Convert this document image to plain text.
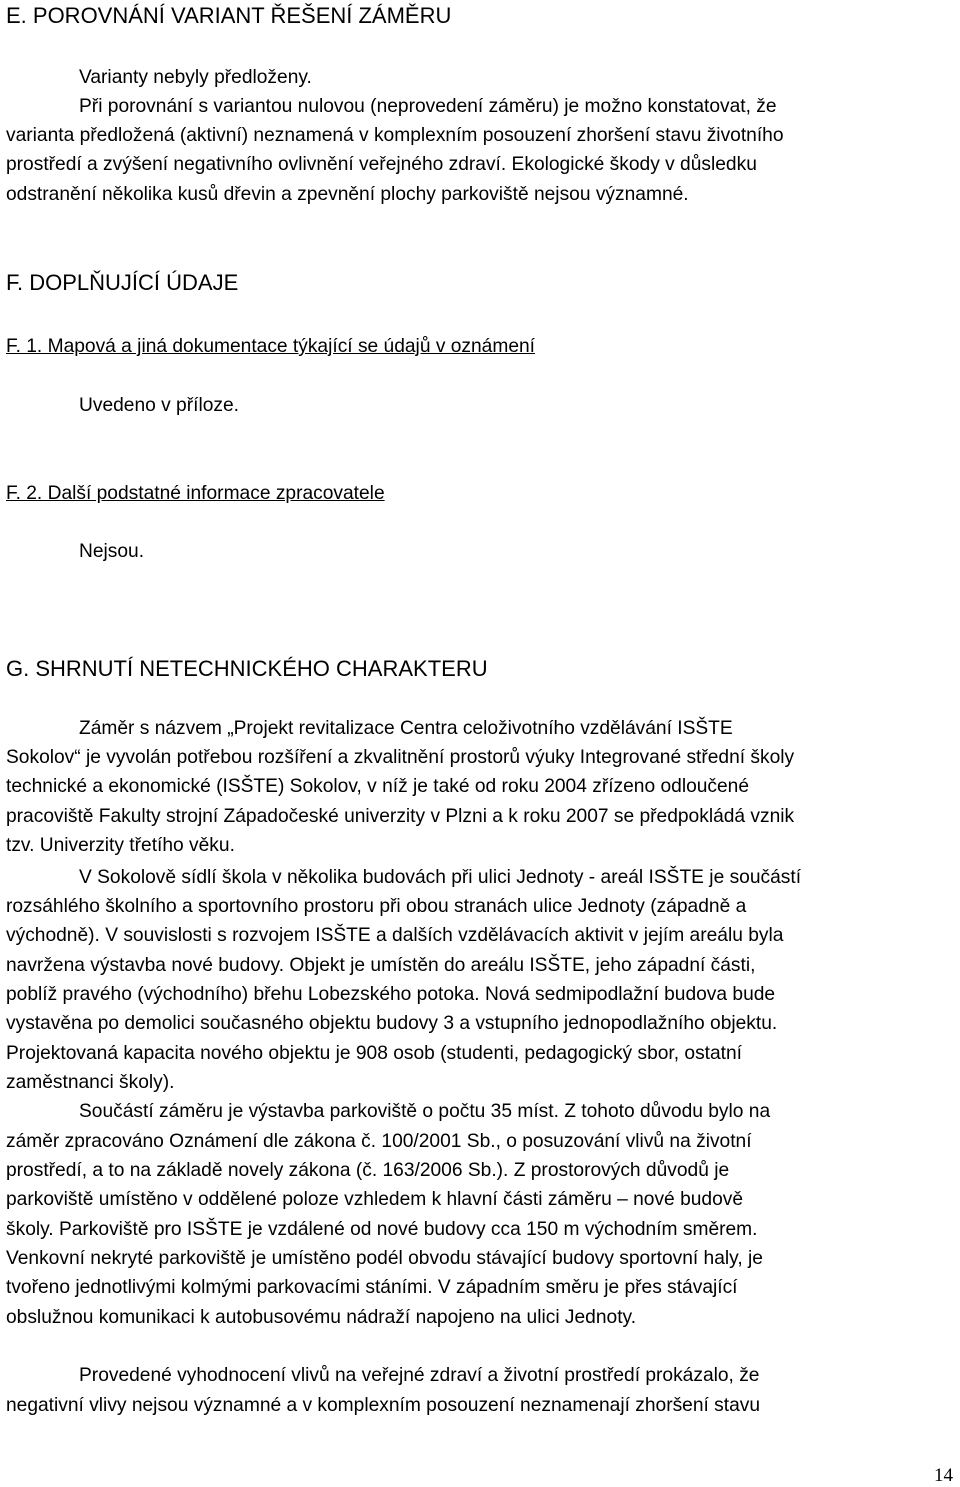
E. POROVNÁNÍ VARIANT ŘEŠENÍ ZÁMĚRU
Varianty nebyly předloženy.
Při porovnání s variantou nulovou (neprovedení záměru) je možno konstatovat, že
varianta předložená (aktivní) neznamená v komplexním posouzení zhoršení stavu životního
prostředí a zvýšení negativního ovlivnění veřejného zdraví. Ekologické škody v důsledku
odstranění několika kusů dřevin a zpevnění plochy parkoviště nejsou významné.
F. DOPLŇUJÍCÍ ÚDAJE
F. 1. Mapová a jiná dokumentace týkající se údajů v oznámení
Uvedeno v příloze.
F. 2. Další podstatné informace zpracovatele
Nejsou.
G. SHRNUTÍ NETECHNICKÉHO CHARAKTERU
Záměr s názvem „Projekt revitalizace Centra celoživotního vzdělávání ISŠTE
Sokolov“ je vyvolán potřebou rozšíření a zkvalitnění prostorů výuky Integrované střední školy
technické a ekonomické (ISŠTE) Sokolov, v níž je také od roku 2004 zřízeno odloučené
pracoviště Fakulty strojní Západočeské univerzity v Plzni a k roku 2007 se předpokládá vznik
tzv. Univerzity třetího věku.
V Sokolově sídlí škola v několika budovách při ulici Jednoty - areál ISŠTE je součástí
rozsáhlého školního a sportovního prostoru při obou stranách ulice Jednoty (západně a
východně). V souvislosti s rozvojem ISŠTE a dalších vzdělávacích aktivit v jejím areálu byla
navržena výstavba nové budovy. Objekt je umístěn do areálu ISŠTE, jeho západní části,
poblíž pravého (východního) břehu Lobezského potoka. Nová sedmipodlažní budova bude
vystavěna po demolici současného objektu budovy 3 a vstupního jednopodlažního objektu.
Projektovaná kapacita nového objektu je 908 osob (studenti, pedagogický sbor, ostatní
zaměstnanci školy).
Součástí záměru je výstavba parkoviště o počtu 35 míst. Z tohoto důvodu bylo na
záměr zpracováno Oznámení dle zákona č. 100/2001 Sb., o posuzování vlivů na životní
prostředí, a to na základě novely zákona (č. 163/2006 Sb.). Z prostorových důvodů je
parkoviště umístěno v oddělené poloze vzhledem k hlavní části záměru – nové budově
školy. Parkoviště pro ISŠTE je vzdálené od nové budovy cca 150 m východním směrem.
Venkovní nekryté parkoviště je umístěno podél obvodu stávající budovy sportovní haly, je
tvořeno jednotlivými kolmými parkovacími stáními. V západním směru je přes stávající
obslužnou komunikaci k autobusovému nádraží napojeno na ulici Jednoty.
Provedené vyhodnocení vlivů na veřejné zdraví a životní prostředí prokázalo, že
negativní vlivy nejsou významné a v komplexním posouzení neznamenají zhoršení stavu
14
